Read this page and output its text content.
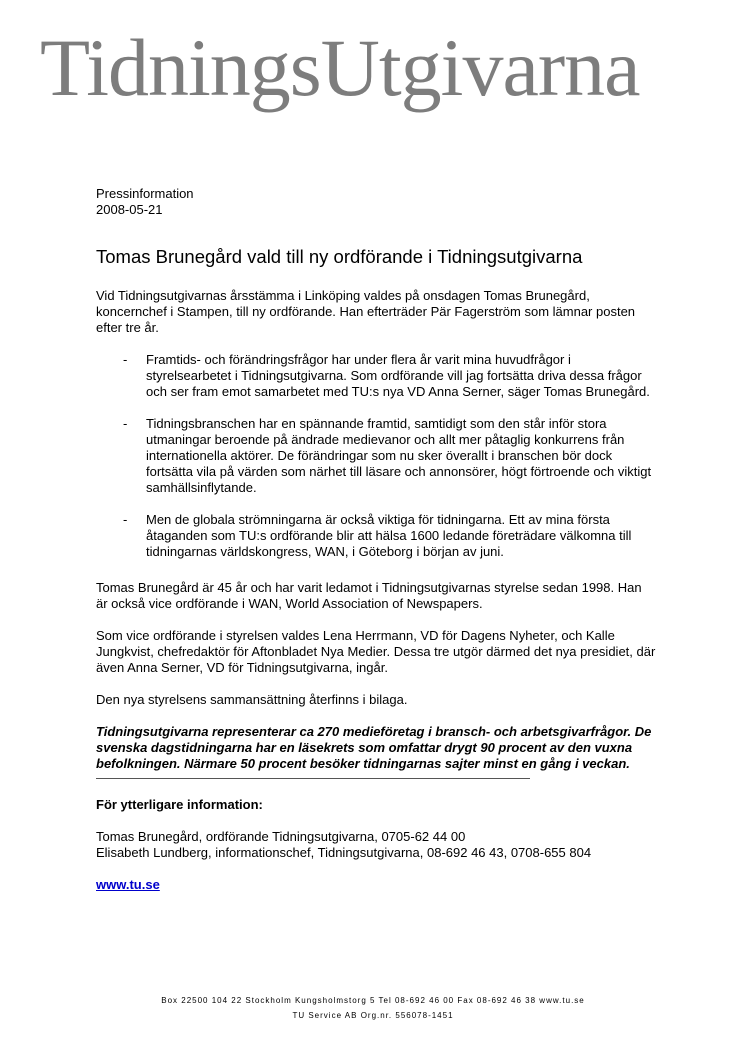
TidningsUtgivarna

Pressinformation

2008-05-21

Tomas Brunegård vald till ny ordförande i Tidningsutgivarna

Vid Tidningsutgivarnas årsstämma i Linköping valdes på onsdagen Tomas Brunegård, koncernchef i Stampen, till ny ordförande. Han efterträder Pär Fagerström som lämnar posten efter tre år.

- Framtids- och förändringsfrågor har under flera år varit mina huvudfrågor i styrelsearbetet i Tidningsutgivarna. Som ordförande vill jag fortsätta driva dessa frågor och ser fram emot samarbetet med TU:s nya VD Anna Serner, säger Tomas Brunegård.
- Tidningsbranschen har en spännande framtid, samtidigt som den står inför stora utmaningar beroende på ändrade medievanor och allt mer påtaglig konkurrens från internationella aktörer. De förändringar som nu sker överallt i branschen bör dock fortsätta vila på värden som närhet till läsare och annonsörer, högt förtroende och viktigt samhällsinflytande.
- Men de globala strömningarna är också viktiga för tidningarna. Ett av mina första åtaganden som TU:s ordförande blir att hälsa 1600 ledande företrädare välkomna till tidningarnas världskongress, WAN, i Göteborg i början av juni.

Tomas Brunegård är 45 år och har varit ledamot i Tidningsutgivarnas styrelse sedan 1998. Han är också vice ordförande i WAN, World Association of Newspapers.

Som vice ordförande i styrelsen valdes Lena Herrmann, VD för Dagens Nyheter, och Kalle Jungkvist, chefredaktör för Aftonbladet Nya Medier. Dessa tre utgör därmed det nya presidiet, där även Anna Serner, VD för Tidningsutgivarna, ingår.

Den nya styrelsens sammansättning återfinns i bilaga.

Tidningsutgivarna representerar ca 270 medieföretag i bransch- och arbetsgivarfrågor. De svenska dagstidningarna har en läsekrets som omfattar drygt 90 procent av den vuxna befolkningen. Närmare 50 procent besöker tidningarnas sajter minst en gång i veckan.

För ytterligare information:

Tomas Brunegård, ordförande Tidningsutgivarna, 0705-62 44 00

Elisabeth Lundberg, informationschef, Tidningsutgivarna, 08-692 46 43, 0708-655 804

www.tu.se

Box 22500 104 22 Stockholm Kungsholmstorg 5 Tel 08-692 46 00 Fax 08-692 46 38 www.tu.se
TU Service AB Org.nr. 556078-1451
